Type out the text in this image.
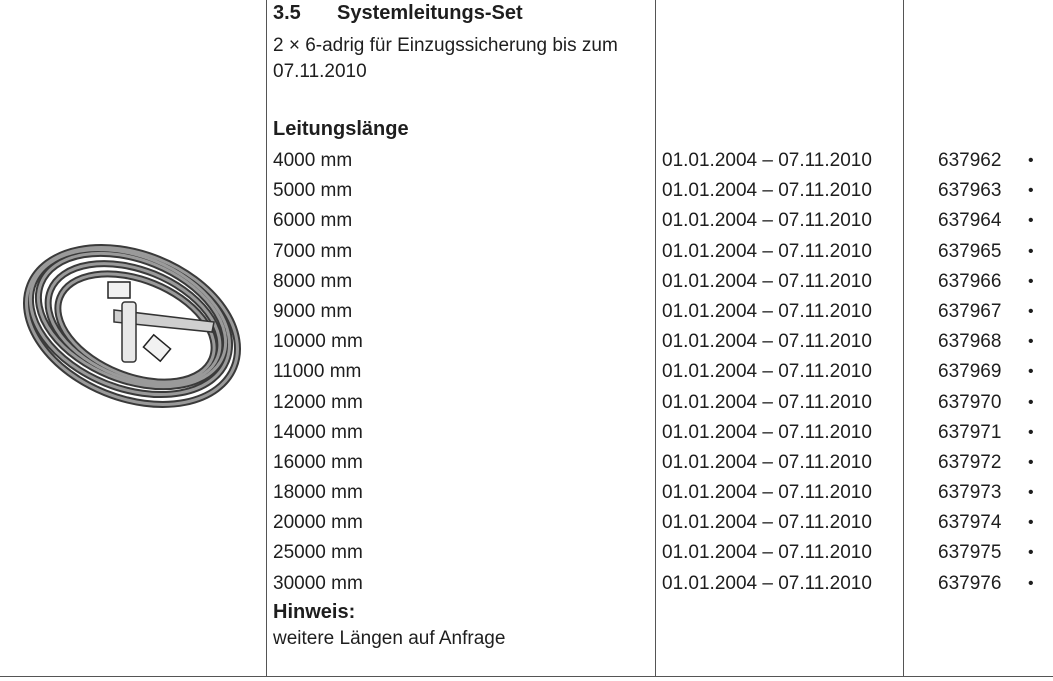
3.5 Systemleitungs-Set
2 × 6-adrig für Einzugssicherung bis zum 07.11.2010
Leitungslänge
4000 mm	01.01.2004 – 07.11.2010	637962 •
5000 mm	01.01.2004 – 07.11.2010	637963 •
6000 mm	01.01.2004 – 07.11.2010	637964 •
7000 mm	01.01.2004 – 07.11.2010	637965 •
8000 mm	01.01.2004 – 07.11.2010	637966 •
9000 mm	01.01.2004 – 07.11.2010	637967 •
10000 mm	01.01.2004 – 07.11.2010	637968 •
11000 mm	01.01.2004 – 07.11.2010	637969 •
12000 mm	01.01.2004 – 07.11.2010	637970 •
14000 mm	01.01.2004 – 07.11.2010	637971 •
16000 mm	01.01.2004 – 07.11.2010	637972 •
18000 mm	01.01.2004 – 07.11.2010	637973 •
20000 mm	01.01.2004 – 07.11.2010	637974 •
25000 mm	01.01.2004 – 07.11.2010	637975 •
30000 mm	01.01.2004 – 07.11.2010	637976 •
Hinweis:
weitere Längen auf Anfrage
